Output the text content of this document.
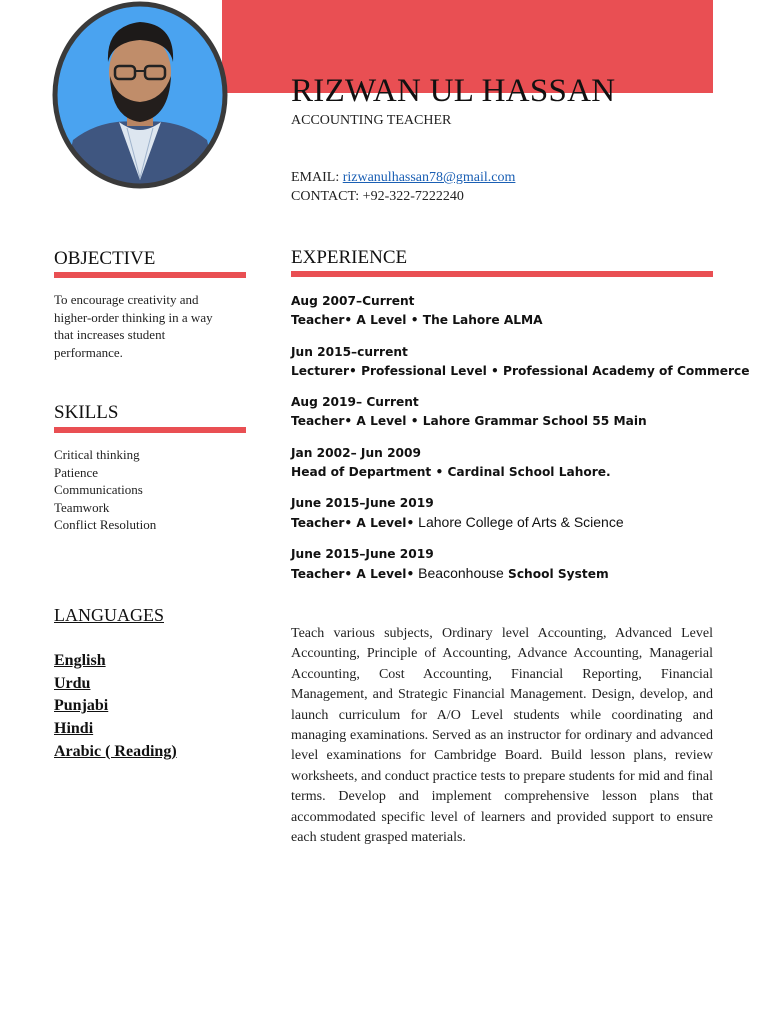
RIZWAN UL HASSAN
ACCOUNTING TEACHER
EMAIL: rizwanulhassan78@gmail.com
CONTACT: +92-322-7222240
OBJECTIVE
To encourage creativity and higher-order thinking in a way that increases student performance.
SKILLS
Critical thinking
Patience
Communications
Teamwork
Conflict Resolution
LANGUAGES
English
Urdu
Punjabi
Hindi
Arabic ( Reading)
EXPERIENCE
Aug 2007–Current
Teacher• A Level • The Lahore ALMA
Jun 2015–current
Lecturer• Professional Level • Professional Academy of Commerce
Aug 2019– Current
Teacher• A Level • Lahore Grammar School 55 Main
Jan 2002– Jun 2009
Head of Department • Cardinal School Lahore.
June 2015–June 2019
Teacher• A Level• Lahore College of Arts & Science
June 2015–June 2019
Teacher• A Level• Beaconhouse School System
Teach various subjects, Ordinary level Accounting, Advanced Level Accounting, Principle of Accounting, Advance Accounting, Managerial Accounting, Cost Accounting, Financial Reporting, Financial Management, and Strategic Financial Management. Design, develop, and launch curriculum for A/O Level students while coordinating and managing examinations. Served as an instructor for ordinary and advanced level examinations for Cambridge Board. Build lesson plans, review worksheets, and conduct practice tests to prepare students for mid and final terms. Develop and implement comprehensive lesson plans that accommodated specific level of learners and provided support to ensure each student grasped materials.
